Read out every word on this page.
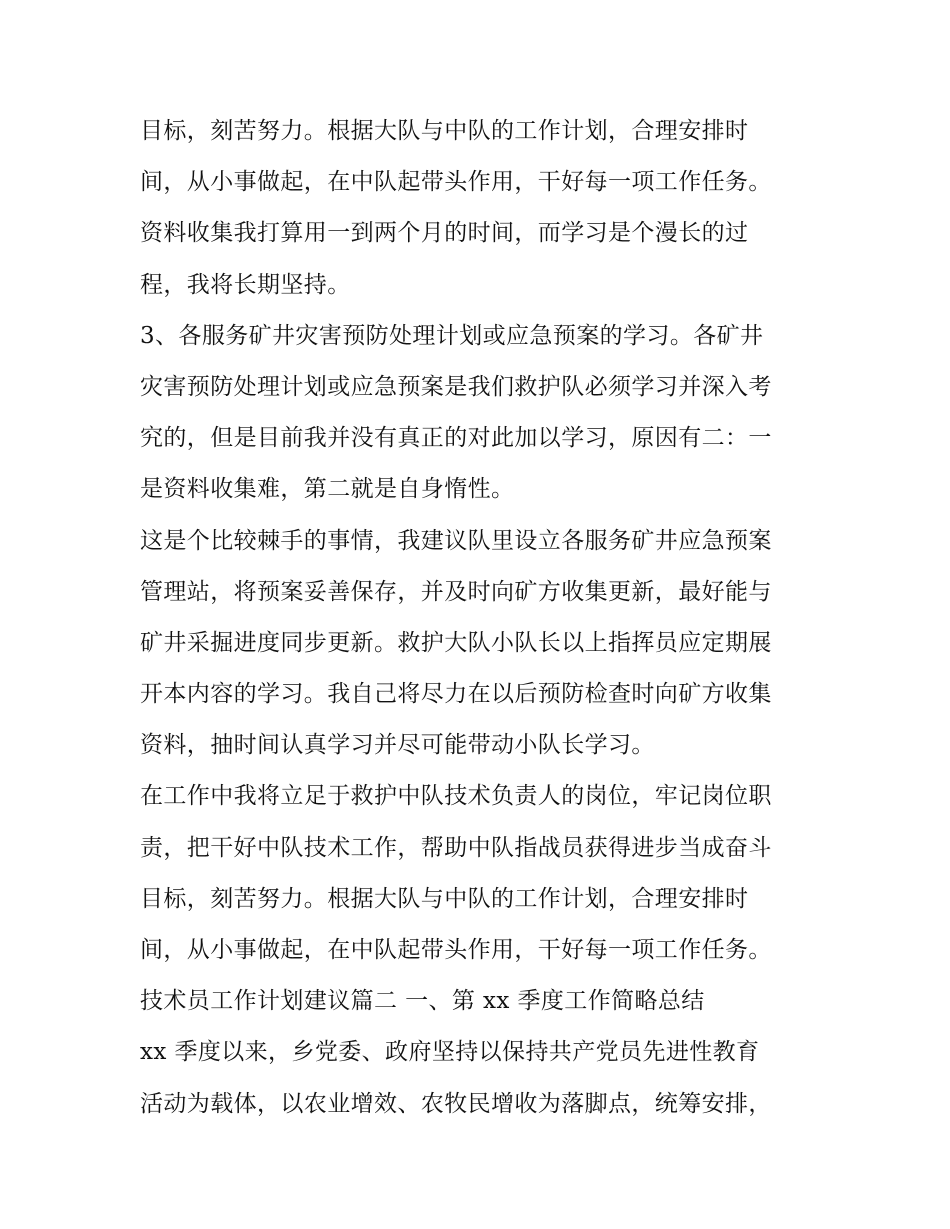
目标，刻苦努力。根据大队与中队的工作计划，合理安排时
间，从小事做起，在中队起带头作用，干好每一项工作任务。
资料收集我打算用一到两个月的时间，而学习是个漫长的过
程，我将长期坚持。
3、各服务矿井灾害预防处理计划或应急预案的学习。各矿井
灾害预防处理计划或应急预案是我们救护队必须学习并深入考
究的，但是目前我并没有真正的对此加以学习，原因有二：一
是资料收集难，第二就是自身惰性。
这是个比较棘手的事情，我建议队里设立各服务矿井应急预案
管理站，将预案妥善保存，并及时向矿方收集更新，最好能与
矿井采掘进度同步更新。救护大队小队长以上指挥员应定期展
开本内容的学习。我自己将尽力在以后预防检查时向矿方收集
资料，抽时间认真学习并尽可能带动小队长学习。
在工作中我将立足于救护中队技术负责人的岗位，牢记岗位职
责，把干好中队技术工作，帮助中队指战员获得进步当成奋斗
目标，刻苦努力。根据大队与中队的工作计划，合理安排时
间，从小事做起，在中队起带头作用，干好每一项工作任务。
技术员工作计划建议篇二 一、第 xx 季度工作简略总结
xx 季度以来，乡党委、政府坚持以保持共产党员先进性教育
活动为载体，以农业增效、农牧民增收为落脚点，统筹安排，
